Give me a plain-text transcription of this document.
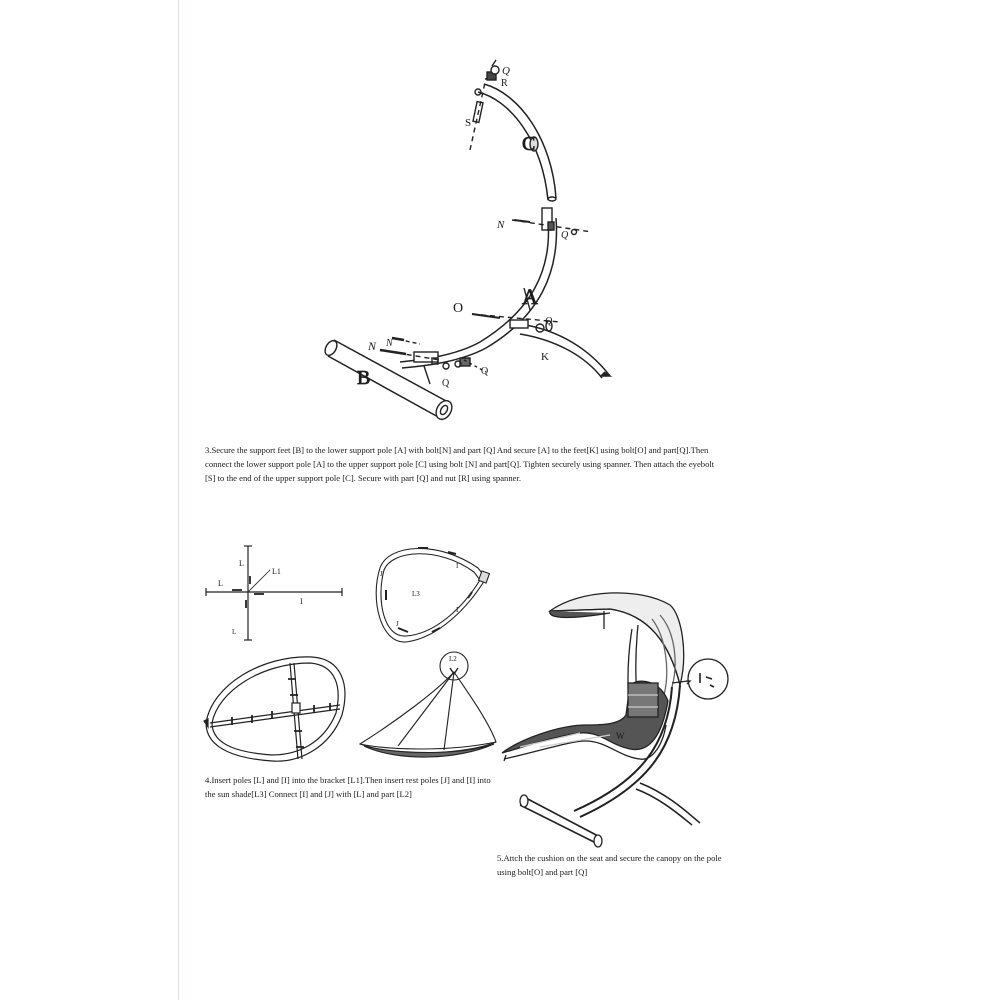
Q
R
S
C
N
Q
A
O
Q
K
N N
B	Q
Q
3.Secure the support feet [B] to the lower support pole [A] with bolt[N] and part [Q] And secure [A] to the feet[K] using bolt[O] and part[Q].Then connect the lower support pole [A] to the upper support pole [C] using bolt [N] and part[Q]. Tighten securely using spanner. Then attach the eyebolt [S] to the end of the upper support pole [C]. Secure with part [Q] and nut [R] using spanner.
L
L1
L
I
L
J
I
L3
I
J
L2
4.Insert poles [L] and [I] into the bracket [L1].Then insert rest poles [J] and [I] into the sun shade[L3] Connect [I] and [J] with [L] and part [L2]
W
5.Attch the cushion on the seat and secure the canopy on the pole using bolt[O] and part [Q]
